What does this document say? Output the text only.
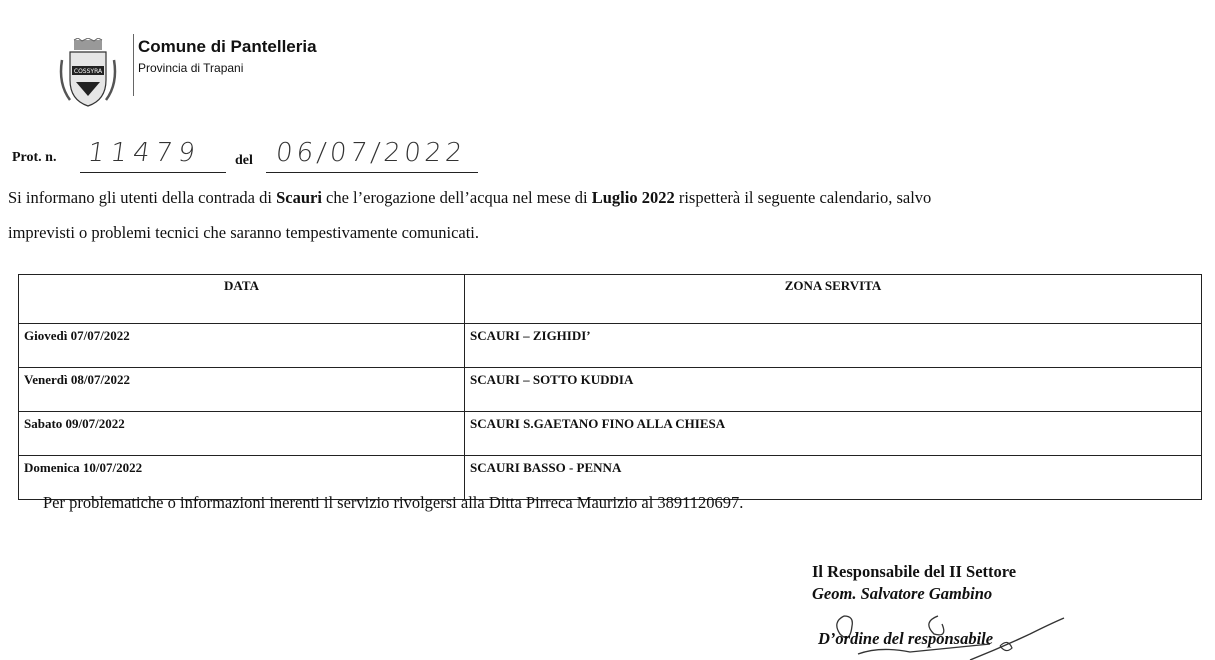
COSSYRA
Comune di Pantelleria
Provincia di Trapani
Prot. n. 11479 del 06/07/2022
Si informano gli utenti della contrada di Scauri che l’erogazione dell’acqua nel mese di Luglio 2022 rispetterà il seguente calendario, salvo
imprevisti o problemi tecnici che saranno tempestivamente comunicati.
DATA	ZONA SERVITA
Giovedì 07/07/2022	SCAURI – ZIGHIDI’
Venerdì 08/07/2022	SCAURI – SOTTO KUDDIA
Sabato 09/07/2022	SCAURI S.GAETANO FINO ALLA CHIESA
Domenica 10/07/2022	SCAURI BASSO - PENNA
Per problematiche o informazioni inerenti il servizio rivolgersi alla Ditta Pirreca Maurizio al 3891120697.
Il Responsabile del II Settore
Geom. Salvatore Gambino
D’ordine del responsabile
